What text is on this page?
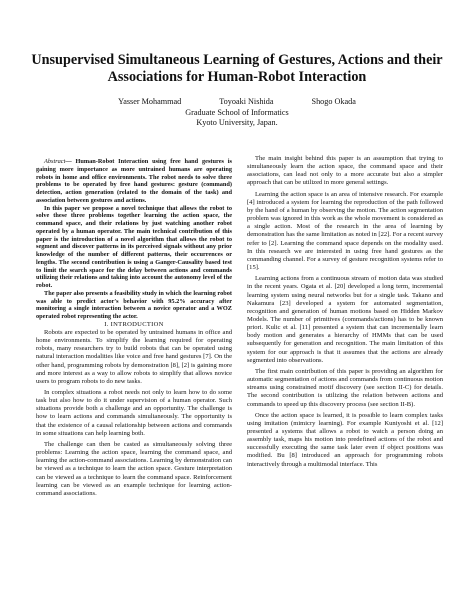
Unsupervised Simultaneous Learning of Gestures, Actions and their
Associations for Human-Robot Interaction
Yasser Mohammad	Toyoaki Nishida	Shogo Okada
Graduate School of Informatics
Kyoto University, Japan.

Abstract— Human-Robot Interaction using free hand gestures is gaining more importance as more untrained humans are operating robots in home and office environments. The robot needs to solve three problems to be operated by free hand gestures: gesture (command) detection, action generation (related to the domain of the task) and association between gestures and actions.

In this paper we propose a novel technique that allows the robot to solve these three problems together learning the action space, the command space, and their relations by just watching another robot operated by a human operator. The main technical contribution of this paper is the introduction of a novel algorithm that allows the robot to segment and discover patterns in its perceived signals without any prior knowledge of the number of different patterns, their occurrences or lengths. The second contribution is using a Ganger-Causality based test to limit the search space for the delay between actions and commands utilizing their relations and taking into account the autonomy level of the robot.

The paper also presents a feasibility study in which the learning robot was able to predict actor's behavior with 95.2% accuracy after monitoring a single interaction between a novice operator and a WOZ operated robot representing the actor.

I. INTRODUCTION

Robots are expected to be operated by untrained humans in office and home environments. To simplify the learning required for operating robots, many researchers try to build robots that can be operated using natural interaction modalities like voice and free hand gestures [7]. On the other hand, programming robots by demonstration [8], [2] is gaining more and more interest as a way to allow robots to simplify that allows novice users to program robots to do new tasks.

In complex situations a robot needs not only to learn how to do some task but also how to do it under supervision of a human operator. Such situations provide both a challenge and an opportunity. The challenge is how to learn actions and commands simultaneously. The opportunity is that the existence of a causal relationship between actions and commands in some situations can help learning both.

The challenge can then be casted as simultaneously solving three problems: Learning the action space, learning the command space, and learning the action-command associations. Learning by demonstration can be viewed as a technique to learn the action space. Gesture interpretation can be viewed as a technique to learn the command space. Reinforcement learning can be viewed as an example technique for learning action-command associations.

The main insight behind this paper is an assumption that trying to simultaneously learn the action space, the command space and their associations, can lead not only to a more accurate but also a simpler approach that can be utilized in more general settings.

Learning the action space is an area of intensive research. For example [4] introduced a system for learning the reproduction of the path followed by the hand of a human by observing the motion. The action segmentation problem was ignored in this work as the whole movement is considered as a single action. Most of the research in the area of learning by demonstration has the same limitation as noted in [22]. For a recent survey refer to [2]. Learning the command space depends on the modality used. In this research we are interested in using free hand gestures as the commanding channel. For a survey of gesture recognition systems refer to [15].

Learning actions from a continuous stream of motion data was studied in the recent years. Ogata et al. [20] developed a long term, incremental learning system using neural networks but for a single task. Takano and Nakamura [23] developed a system for automated segmentation, recognition and generation of human motions based on Hidden Markov Models. The number of primitives (commands/actions) has to be known priori. Kulic et al. [11] presented a system that can incrementally learn body motion and generates a hierarchy of HMMs that can be used subsequently for generation and recognition. The main limitation of this system for our approach is that it assumes that the actions are already segmented into observations.

The first main contribution of this paper is providing an algorithm for automatic segmentation of actions and commands from continuous motion streams using constrained motif discovery (see section II-C) for details. The second contribution is utilizing the relation between actions and commands to speed up this discovery process (see section II-B).

Once the action space is learned, it is possible to learn complex tasks using imitation (mimicry learning). For example Kuniyoshi et al. [12] presented a systems that allows a robot to watch a person doing an assembly task, maps his motion into predefined actions of the robot and successfully executing the same task later even if object positions was modified. Bu [8] introduced an approach for programming robots interactively through a multimodal interface. This
